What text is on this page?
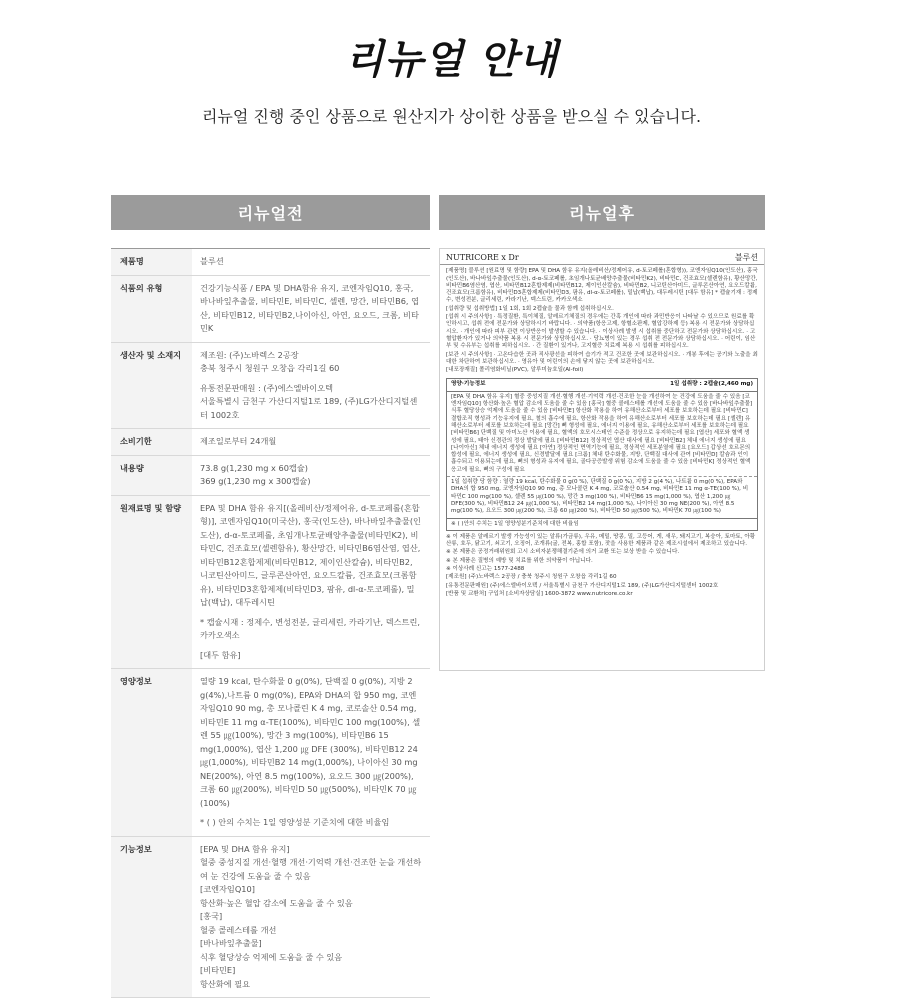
리뉴얼 안내
리뉴얼 진행 중인 상품으로 원산지가 상이한 상품을 받으실 수 있습니다.
리뉴얼전	리뉴얼후
제품명	블루션

식품의 유형	건강기능식품 / EPA 및 DHA함유 유지, 코엔자임Q10, 홍국, 바나바잎추출물, 비타민E, 비타민C, 셀렌, 망간, 비타민B6, 엽산, 비타민B12, 비타민B2,나이아신, 아연, 요오드, 크롬, 비타민K

생산자 및 소재지	제조원: (주)노바렉스 2공장

충북 청주시 청원구 오창읍 각리1길 60

유통전문판매원 : (주)에스엘바이오텍

서울특별시 금천구 가산디지털1로 189, (주)LG가산디지털센터 1002호

소비기한	제조일로부터 24개월

내용량	73.8 g(1,230 mg x 60캡슐)

369 g(1,230 mg x 300캡슐)

원재료명 및 함량	EPA 및 DHA 함유 유지[(올레비산/정제어유, d-토코페롤(혼합형)], 코엔자임Q10(미국산), 홍국(인도산), 바나바잎추출물(인도산), d-α-토코페롤, 초임개나토균배양추출물(비타민K2), 비타민C, 건조효모(셀렌함유), 황산망간, 비타민B6염산염, 엽산, 비타민B12혼합제제(비타민B12, 제이인산칼슘), 비타민B2, 니코틴산아미드, 글루콘산아연, 요오드칼륨, 건조효모(크롬함유), 비타민D3혼합제제(비타민D3, 팜유, dl-α-토코페롤), 밀납(백납), 대두레시틴

* 캡슐시재 : 정제수, 변성전분, 글리세린, 카라기난, 덱스트린, 카카오색소

[대두 함유]

영양정보	열량 19 kcal, 탄수화물 0 g(0%), 단백질 0 g(0%), 지방 2 g(4%),나트륨 0 mg(0%), EPA와 DHA의 합 950 mg, 코엔자임Q10 90 mg, 총 모나콜린 K 4 mg, 코로솔산 0.54 mg, 비타민E 11 mg α-TE(100%), 비타민C 100 mg(100%), 셀렌 55 ㎍(100%), 망간 3 mg(100%), 비타민B6 15 mg(1,000%), 엽산 1,200 ㎍ DFE (300%), 비타민B12 24 ㎍(1,000%), 비타민B2 14 mg(1,000%), 나이아신 30 mg NE(200%), 아연 8.5 mg(100%), 요오드 300 ㎍(200%), 크롬 60 ㎍(200%), 비타민D 50 ㎍(500%), 비타민K 70 ㎍(100%)

* ( ) 안의 수치는 1일 영양성분 기준치에 대한 비율임

기능정보	[EPA 및 DHA 함유 유지]

혈중 중성지질 개선·혈행 개선·기억력 개선·건조한 눈을 개선하여 눈 건강에 도움을 줄 수 있음

[코엔자임Q10]

항산화·높은 혈압 감소에 도움을 줄 수 있음

[홍국]

혈중 콜레스테롤 개선

[바나바잎추출물]

식후 혈당상승 억제에 도움을 줄 수 있음

[비타민E]

항산화에 필요

NUTRICORE x Dr	블루션

[제품명] 블루션 [원료명 및 함량] EPA 및 DHA 함유 유지(올레비산/정제어유, d-토코페롤(혼합형)), 코엔자임Q10(인도산), 홍국(인도산), 바나바잎추출물(인도산), d-α-토코페롤, 초임개나토균배양추출물(비타민K2), 비타민C, 건조효모(셀렌함유), 황산망간, 비타민B6염산염, 엽산, 비타민B12혼합제제(비타민B12, 제이인산칼슘), 비타민B2, 니코틴산아미드, 글루콘산아연, 요오드칼륨, 건조효모(크롬함유), 비타민D3혼합제제(비타민D3, 팜유, dl-α-토코페롤), 밀납(백납), 대두레시틴 [대두 함유] * 캡슐기재 : 정제수, 변성전분, 글리세린, 카라기난, 덱스트린, 카카오색소

[섭취량 및 섭취방법] 1일 1회, 1회 2캡슐을 물과 함께 섭취하십시오.

[섭취 시 주의사항] · 특정질환, 특이체질, 알레르기체질의 경우에는 간혹 개인에 따라 과민반응이 나타날 수 있으므로 원료를 확인하시고, 섭취 전에 전문가와 상담하시기 바랍니다. · 의약품(항응고제, 항혈소판제, 혈압강하제 등) 복용 시 전문가와 상담하십시오. · 개인에 따라 피부 관련 이상반응이 발생할 수 있습니다. · 이상사례 발생 시 섭취를 중단하고 전문가와 상담하십시오. · 고혈압환자가 있거나 의약품 복용 시 전문가와 상담하십시오. · 당뇨병이 있는 경우 섭취 전 전문가와 상담하십시오. · 어린이, 임산부 및 수유부는 섭취를 피하십시오. · 간 질환이 있거나, 고지혈증 치료제 복용 시 섭취를 피하십시오.

[보관 시 주의사항] · 고온다습한 곳과 직사광선을 피하여 습기가 적고 건조한 곳에 보관하십시오. · 개봉 후에는 공기와 노출을 최대한 차단하여 보관하십시오. · 영유아 및 어린이의 손에 닿지 않는 곳에 보관하십시오.

[내포장재질] 폴리염화비닐(PVC), 알루미늄호일(Al-foil)

영양·기능정보	1일 섭취량 : 2캡슐(2,460 mg)
[EPA 및 DHA 함유 유지] 혈중 중성지질 개선·혈행 개선·기억력 개선·건조한 눈을 개선하여 눈 건강에 도움을 줄 수 있음 [코엔자임Q10] 항산화·높은 혈압 감소에 도움을 줄 수 있음 [홍국] 혈중 콜레스테롤 개선에 도움을 줄 수 있음 [바나바잎추출물] 식후 혈당상승 억제에 도움을 줄 수 있음 [비타민E] 항산화 작용을 하여 유해산소로부터 세포를 보호하는데 필요 [비타민C] 결합조직 형성과 기능유지에 필요, 철의 흡수에 필요, 항산화 작용을 하여 유해산소로부터 세포를 보호하는데 필요 [셀렌] 유해산소로부터 세포를 보호하는데 필요 [망간] 뼈 형성에 필요, 에너지 이용에 필요, 유해산소로부터 세포를 보호하는데 필요 [비타민B6] 단백질 및 아미노산 이용에 필요, 혈액의 호모시스테인 수준을 정상으로 유지하는데 필요 [엽산] 세포와 혈액 생성에 필요, 태아 신경관의 정상 발달에 필요 [비타민B12] 정상적인 엽산 대사에 필요 [비타민B2] 체내 에너지 생성에 필요 [나이아신] 체내 에너지 생성에 필요 [아연] 정상적인 면역기능에 필요, 정상적인 세포분열에 필요 [요오드] 갑상선 호르몬의 합성에 필요, 에너지 생성에 필요, 신경발달에 필요 [크롬] 체내 탄수화물, 지방, 단백질 대사에 관여 [비타민D] 칼슘과 인이 흡수되고 이용되는데 필요, 뼈의 형성과 유지에 필요, 골다공증발생 위험 감소에 도움을 줄 수 있음 [비타민K] 정상적인 혈액응고에 필요, 뼈의 구성에 필요
1일 섭취량 당 함량 : 열량 19 kcal, 탄수화물 0 g(0 %), 단백질 0 g(0 %), 지방 2 g(4 %), 나트륨 0 mg(0 %), EPA와 DHA의 합 950 mg, 코엔자임Q10 90 mg, 총 모나콜린 K 4 mg, 코로솔산 0.54 mg, 비타민E 11 mg α-TE(100 %), 비타민C 100 mg(100 %), 셀렌 55 ㎍(100 %), 망간 3 mg(100 %), 비타민B6 15 mg(1,000 %), 엽산 1,200 ㎍ DFE(300 %), 비타민B12 24 ㎍(1,000 %), 비타민B2 14 mg(1,000 %), 나이아신 30 mg NE(200 %), 아연 8.5 mg(100 %), 요오드 300 ㎍(200 %), 크롬 60 ㎍(200 %), 비타민D 50 ㎍(500 %), 비타민K 70 ㎍(100 %)
※ ( )안의 수치는 1일 영양성분기준치에 대한 비율임

※ 이 제품은 알레르기 발생 가능성이 있는 알류(가금류), 우유, 메밀, 땅콩, 밀, 고등어, 게, 새우, 돼지고기, 복숭아, 토마토, 아황산류, 호두, 닭고기, 쇠고기, 오징어, 조개류(굴, 전복, 홍합 포함), 잣을 사용한 제품과 같은 제조시설에서 제조하고 있습니다.

※ 본 제품은 공정거래위원회 고시 소비자분쟁해결기준에 의거 교환 또는 보상 받을 수 있습니다.

※ 본 제품은 질병의 예방 및 치료를 위한 의약품이 아닙니다.

※ 이상사례 신고는 1577-2488

[제조원] (주)노바렉스 2공장 / 충북 청주시 청원구 오창읍 각리1길 60

[유통전문판매원] (주)에스엘바이오텍 / 서울특별시 금천구 가산디지털1로 189, (주)LG가산디지털센터 1002호

[반품 및 교환처] 구입처 [소비자상담실] 1600-3872 www.nutricore.co.kr
